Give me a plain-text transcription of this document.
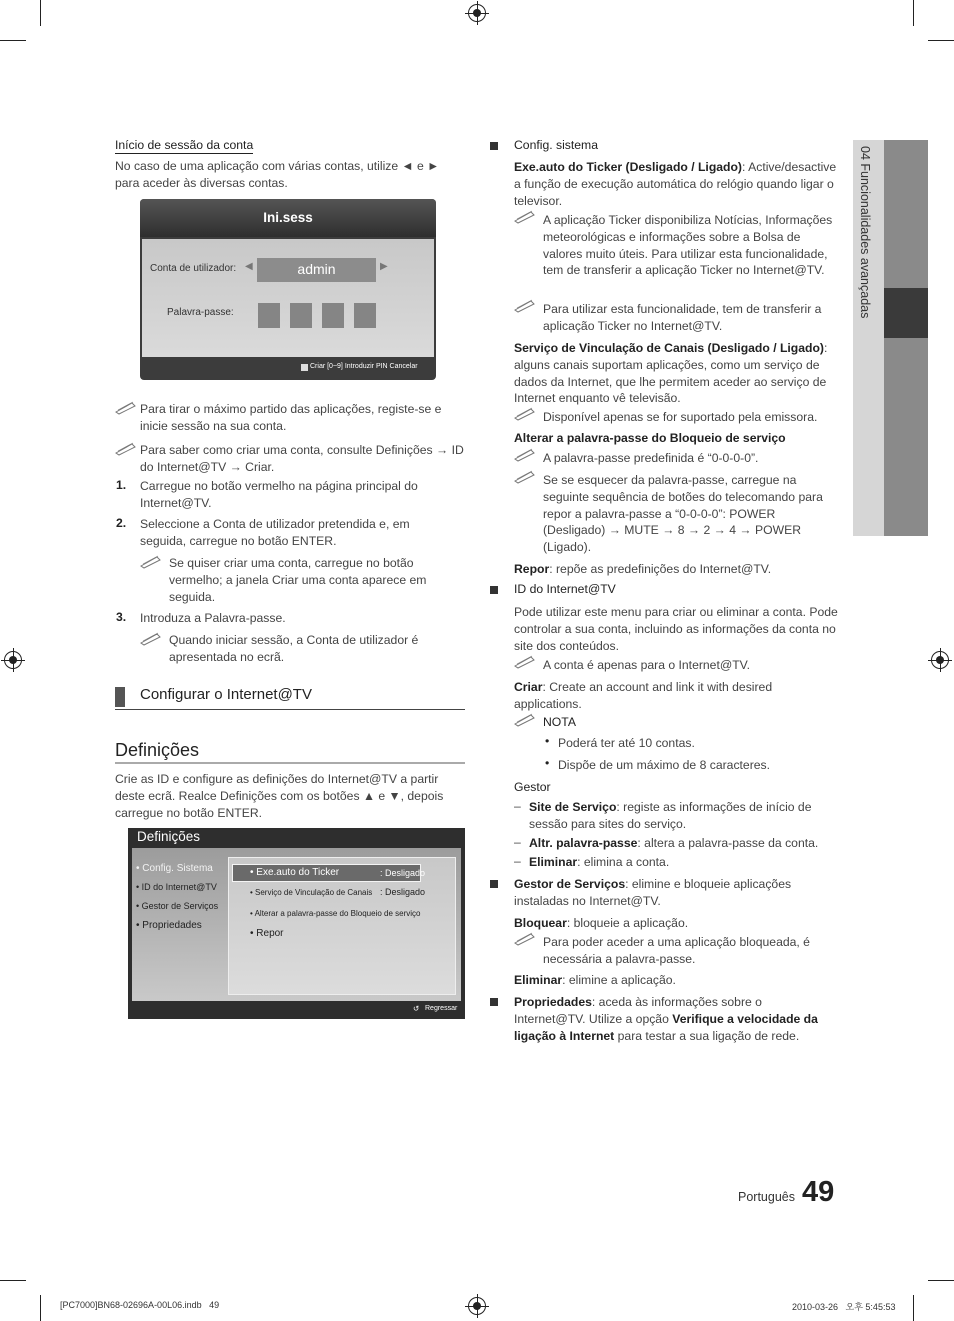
04 Funcionalidades avançadas
Início de sessão da conta
No caso de uma aplicação com várias contas, utilize ◄ e ► para aceder às diversas contas.
Ini.sess
Conta de utilizador: ◀	admin	▶
Palavra-passe:
Criar [0~9] Introduzir PIN Cancelar
Para tirar o máximo partido das aplicações, registe-se e inicie sessão na sua conta.
Para saber como criar uma conta, consulte Definições → ID do Internet@TV → Criar.
1. Carregue no botão vermelho na página principal do Internet@TV.
2. Seleccione a Conta de utilizador pretendida e, em seguida, carregue no botão ENTER.
Se quiser criar uma conta, carregue no botão vermelho; a janela Criar uma conta aparece em seguida.
3. Introduza a Palavra-passe.
Quando iniciar sessão, a Conta de utilizador é apresentada no ecrã.
Configurar o Internet@TV
Definições
Crie as ID e configure as definições do Internet@TV a partir deste ecrã. Realce Definições com os botões ▲ e ▼, depois carregue no botão ENTER.
Definições
• Config. Sistema
• ID do Internet@TV
• Gestor de Serviços
• Propriedades
• Exe.auto do Ticker	: Desligado
• Serviço de Vinculação de Canais : Desligado
• Alterar a palavra-passe do Bloqueio de serviço
• Repor
↺ Regressar
Config. sistema
Exe.auto do Ticker (Desligado / Ligado): Active/desactive a função de execução automática do relógio quando ligar o televisor.
A aplicação Ticker disponibiliza Notícias, Informações meteorológicas e informações sobre a Bolsa de valores muito úteis. Para utilizar esta funcionalidade, tem de transferir a aplicação Ticker no Internet@TV.
Para utilizar esta funcionalidade, tem de transferir a aplicação Ticker no Internet@TV.
Serviço de Vinculação de Canais (Desligado / Ligado): alguns canais suportam aplicações, como um serviço de dados da Internet, que lhe permitem aceder ao serviço de Internet enquanto vê televisão.
Disponível apenas se for suportado pela emissora.
Alterar a palavra-passe do Bloqueio de serviço
A palavra-passe predefinida é “0-0-0-0”.
Se se esquecer da palavra-passe, carregue na seguinte sequência de botões do telecomando para repor a palavra-passe a “0-0-0-0”: POWER (Desligado) → MUTE → 8 → 2 → 4 → POWER (Ligado).
Repor: repõe as predefinições do Internet@TV.
ID do Internet@TV
Pode utilizar este menu para criar ou eliminar a conta. Pode controlar a sua conta, incluindo as informações da conta no site dos conteúdos.
A conta é apenas para o Internet@TV.
Criar: Create an account and link it with desired applications.
NOTA
• Poderá ter até 10 contas.
• Dispõe de um máximo de 8 caracteres.
Gestor
– Site de Serviço: registe as informações de início de sessão para sites do serviço.
– Altr. palavra-passe: altera a palavra-passe da conta.
– Eliminar: elimina a conta.
Gestor de Serviços: elimine e bloqueie aplicações instaladas no Internet@TV.
Bloquear: bloqueie a aplicação.
Para poder aceder a uma aplicação bloqueada, é necessária a palavra-passe.
Eliminar: elimine a aplicação.
Propriedades: aceda às informações sobre o Internet@TV. Utilize a opção Verifique a velocidade da ligação à Internet para testar a sua ligação de rede.
Português 49
[PC7000]BN68-02696A-00L06.indb   49	2010-03-26   오후 5:45:53
